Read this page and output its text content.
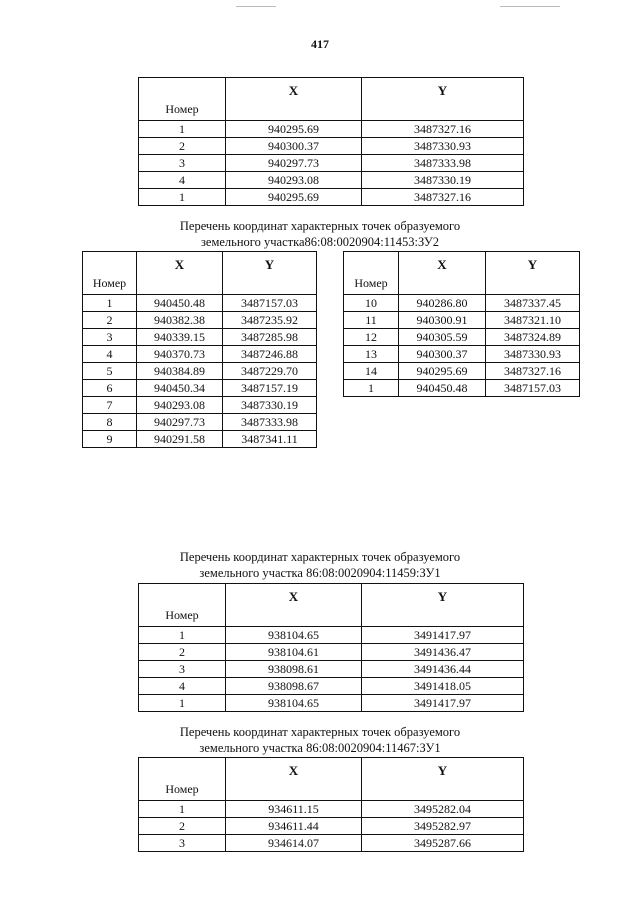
417
Номер	X	Y
1	940295.69	3487327.16
2	940300.37	3487330.93
3	940297.73	3487333.98
4	940293.08	3487330.19
1	940295.69	3487327.16
Перечень координат характерных точек образуемого
земельного участка86:08:0020904:11453:ЗУ2
Номер	X	Y
1	940450.48	3487157.03
2	940382.38	3487235.92
3	940339.15	3487285.98
4	940370.73	3487246.88
5	940384.89	3487229.70
6	940450.34	3487157.19
7	940293.08	3487330.19
8	940297.73	3487333.98
9	940291.58	3487341.11
Номер	X	Y
10	940286.80	3487337.45
11	940300.91	3487321.10
12	940305.59	3487324.89
13	940300.37	3487330.93
14	940295.69	3487327.16
1	940450.48	3487157.03
Перечень координат характерных точек образуемого
земельного участка 86:08:0020904:11459:ЗУ1
Номер	X	Y
1	938104.65	3491417.97
2	938104.61	3491436.47
3	938098.61	3491436.44
4	938098.67	3491418.05
1	938104.65	3491417.97
Перечень координат характерных точек образуемого
земельного участка 86:08:0020904:11467:ЗУ1
Номер	X	Y
1	934611.15	3495282.04
2	934611.44	3495282.97
3	934614.07	3495287.66
